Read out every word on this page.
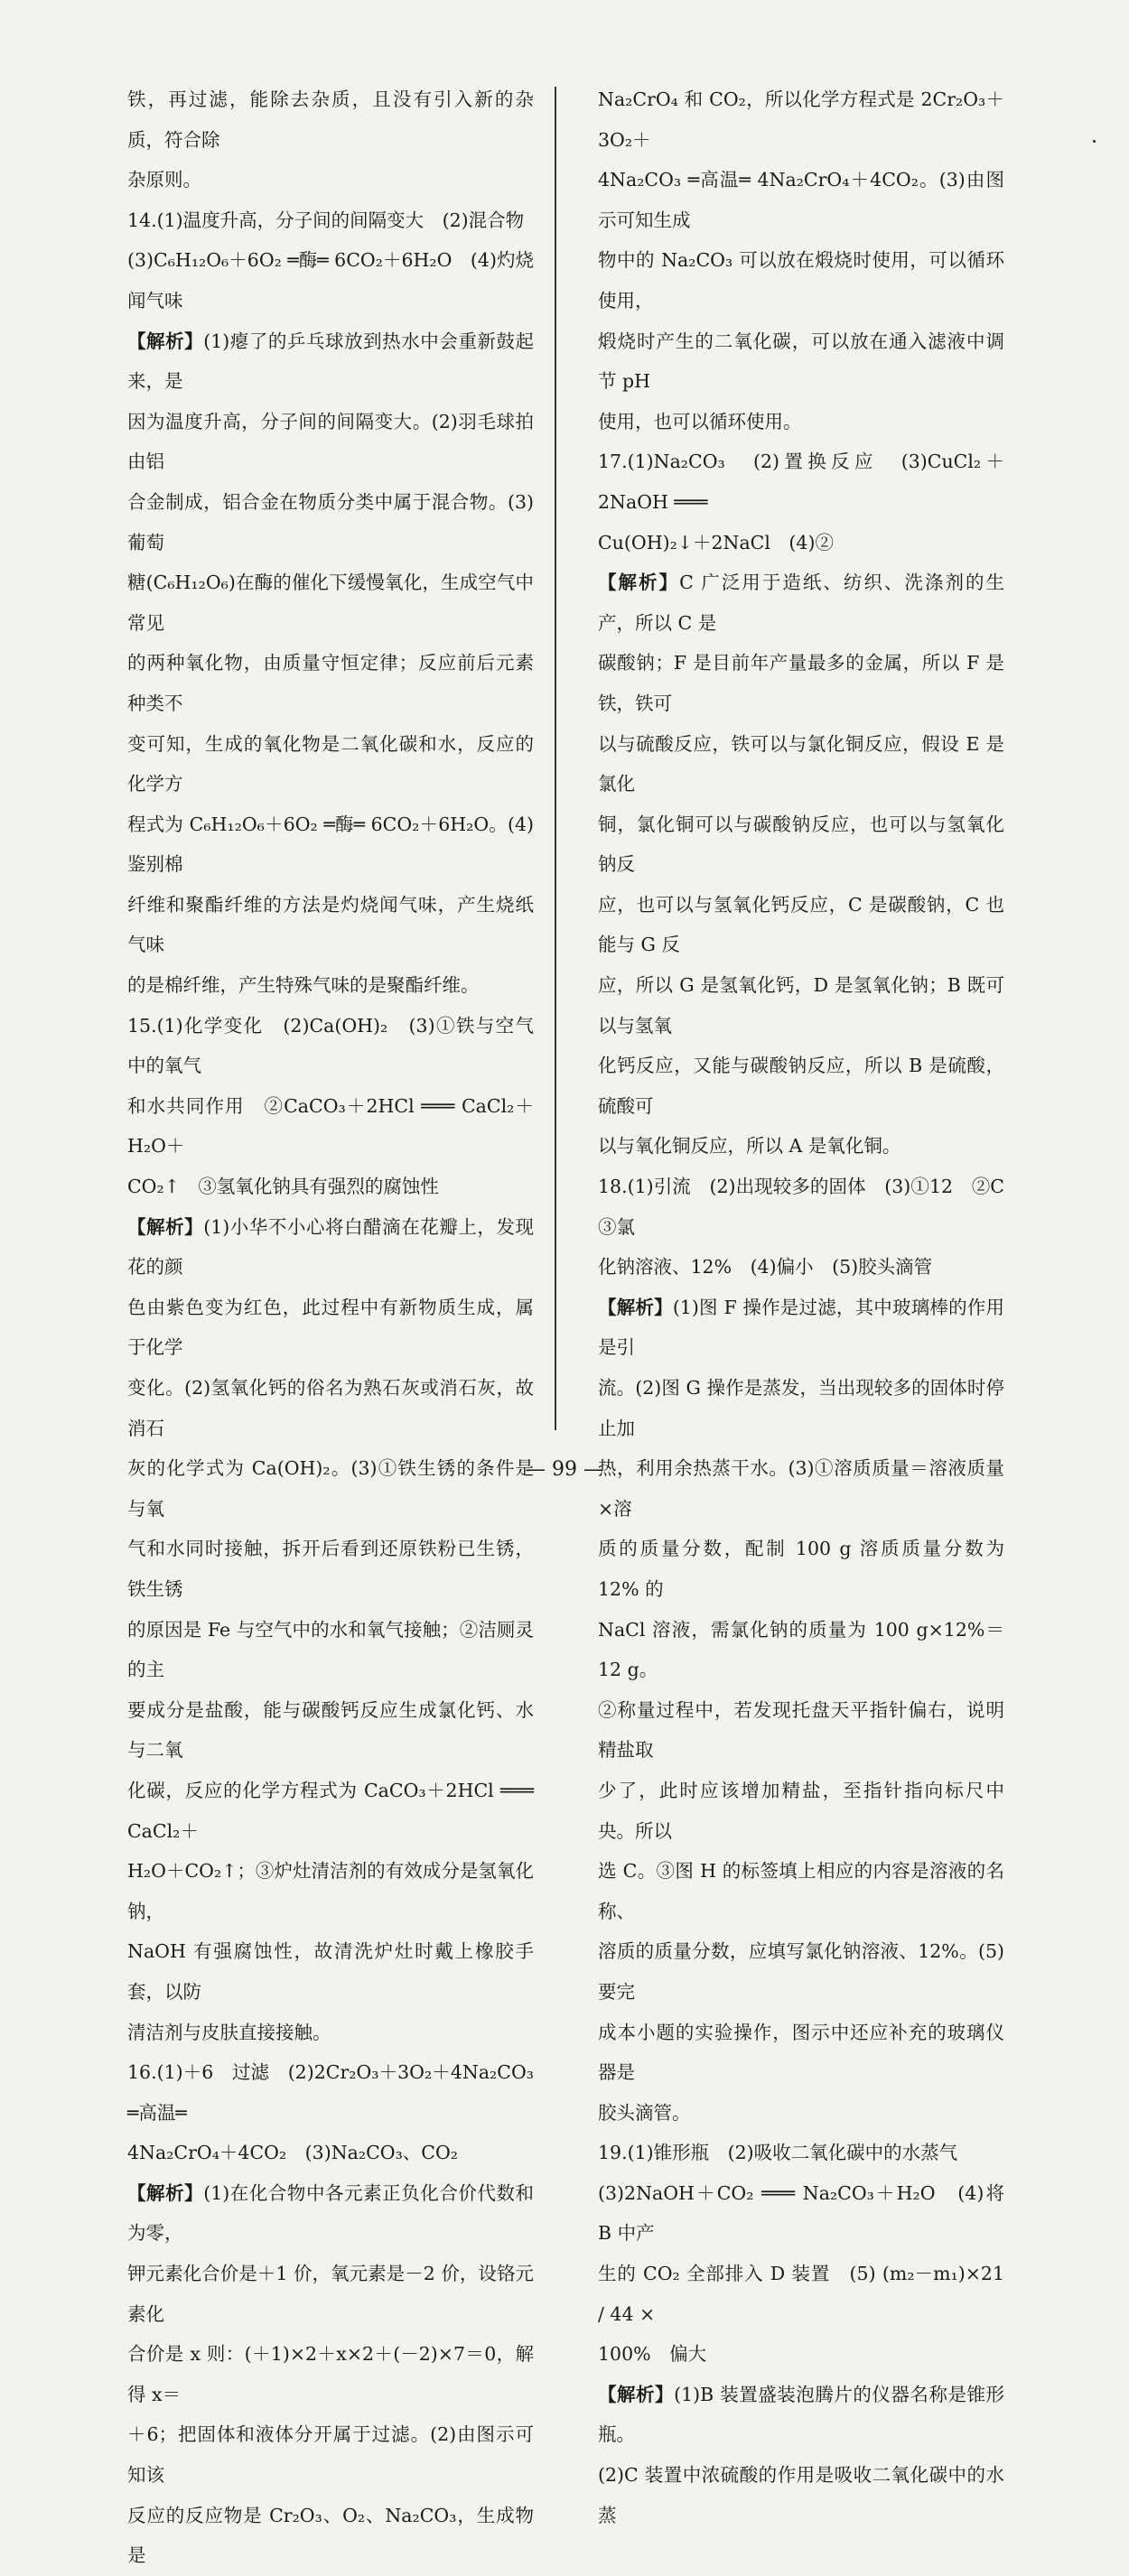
铁，再过滤，能除去杂质，且没有引入新的杂质，符合除
杂原则。
14.(1)温度升高，分子间的间隔变大　(2)混合物
(3)C₆H₁₂O₆＋6O₂ ═酶═ 6CO₂＋6H₂O　(4)灼烧闻气味
【解析】(1)瘪了的乒乓球放到热水中会重新鼓起来，是
因为温度升高，分子间的间隔变大。(2)羽毛球拍由铝
合金制成，铝合金在物质分类中属于混合物。(3)葡萄
糖(C₆H₁₂O₆)在酶的催化下缓慢氧化，生成空气中常见
的两种氧化物，由质量守恒定律；反应前后元素种类不
变可知，生成的氧化物是二氧化碳和水，反应的化学方
程式为 C₆H₁₂O₆＋6O₂ ═酶═ 6CO₂＋6H₂O。(4)鉴别棉
纤维和聚酯纤维的方法是灼烧闻气味，产生烧纸气味
的是棉纤维，产生特殊气味的是聚酯纤维。
15.(1)化学变化　(2)Ca(OH)₂　(3)①铁与空气中的氧气
和水共同作用　②CaCO₃＋2HCl ═══ CaCl₂＋H₂O＋
CO₂↑　③氢氧化钠具有强烈的腐蚀性
【解析】(1)小华不小心将白醋滴在花瓣上，发现花的颜
色由紫色变为红色，此过程中有新物质生成，属于化学
变化。(2)氢氧化钙的俗名为熟石灰或消石灰，故消石
灰的化学式为 Ca(OH)₂。(3)①铁生锈的条件是与氧
气和水同时接触，拆开后看到还原铁粉已生锈，铁生锈
的原因是 Fe 与空气中的水和氧气接触；②洁厕灵的主
要成分是盐酸，能与碳酸钙反应生成氯化钙、水与二氧
化碳，反应的化学方程式为 CaCO₃＋2HCl ═══ CaCl₂＋
H₂O＋CO₂↑；③炉灶清洁剂的有效成分是氢氧化钠，
NaOH 有强腐蚀性，故清洗炉灶时戴上橡胶手套，以防
清洁剂与皮肤直接接触。
16.(1)＋6　过滤　(2)2Cr₂O₃＋3O₂＋4Na₂CO₃ ═高温═
4Na₂CrO₄＋4CO₂　(3)Na₂CO₃、CO₂
【解析】(1)在化合物中各元素正负化合价代数和为零，
钾元素化合价是＋1 价，氧元素是－2 价，设铬元素化
合价是 x 则：(＋1)×2＋x×2＋(－2)×7＝0，解得 x＝
＋6；把固体和液体分开属于过滤。(2)由图示可知该
反应的反应物是 Cr₂O₃、O₂、Na₂CO₃，生成物是
Na₂CrO₄ 和 CO₂，所以化学方程式是 2Cr₂O₃＋3O₂＋
4Na₂CO₃ ═高温═ 4Na₂CrO₄＋4CO₂。(3)由图示可知生成
物中的 Na₂CO₃ 可以放在煅烧时使用，可以循环使用，
煅烧时产生的二氧化碳，可以放在通入滤液中调节 pH
使用，也可以循环使用。
17.(1)Na₂CO₃　(2)置换反应　(3)CuCl₂＋2NaOH ═══
Cu(OH)₂↓＋2NaCl　(4)②
【解析】C 广泛用于造纸、纺织、洗涤剂的生产，所以 C 是
碳酸钠；F 是目前年产量最多的金属，所以 F 是铁，铁可
以与硫酸反应，铁可以与氯化铜反应，假设 E 是氯化
铜，氯化铜可以与碳酸钠反应，也可以与氢氧化钠反
应，也可以与氢氧化钙反应，C 是碳酸钠，C 也能与 G 反
应，所以 G 是氢氧化钙，D 是氢氧化钠；B 既可以与氢氧
化钙反应，又能与碳酸钠反应，所以 B 是硫酸，硫酸可
以与氧化铜反应，所以 A 是氧化铜。
18.(1)引流　(2)出现较多的固体　(3)①12　②C　③氯
化钠溶液、12%　(4)偏小　(5)胶头滴管
【解析】(1)图 F 操作是过滤，其中玻璃棒的作用是引
流。(2)图 G 操作是蒸发，当出现较多的固体时停止加
热，利用余热蒸干水。(3)①溶质质量＝溶液质量×溶
质的质量分数，配制 100 g 溶质质量分数为 12% 的
NaCl 溶液，需氯化钠的质量为 100 g×12%＝12 g。
②称量过程中，若发现托盘天平指针偏右，说明精盐取
少了，此时应该增加精盐，至指针指向标尺中央。所以
选 C。③图 H 的标签填上相应的内容是溶液的名称、
溶质的质量分数，应填写氯化钠溶液、12%。(5)要完
成本小题的实验操作，图示中还应补充的玻璃仪器是
胶头滴管。
19.(1)锥形瓶　(2)吸收二氧化碳中的水蒸气
(3)2NaOH＋CO₂ ═══ Na₂CO₃＋H₂O　(4)将 B 中产
生的 CO₂ 全部排入 D 装置　(5) (m₂－m₁)×21 / 44 ×
100%　偏大
【解析】(1)B 装置盛装泡腾片的仪器名称是锥形瓶。
(2)C 装置中浓硫酸的作用是吸收二氧化碳中的水蒸
— 99 —
